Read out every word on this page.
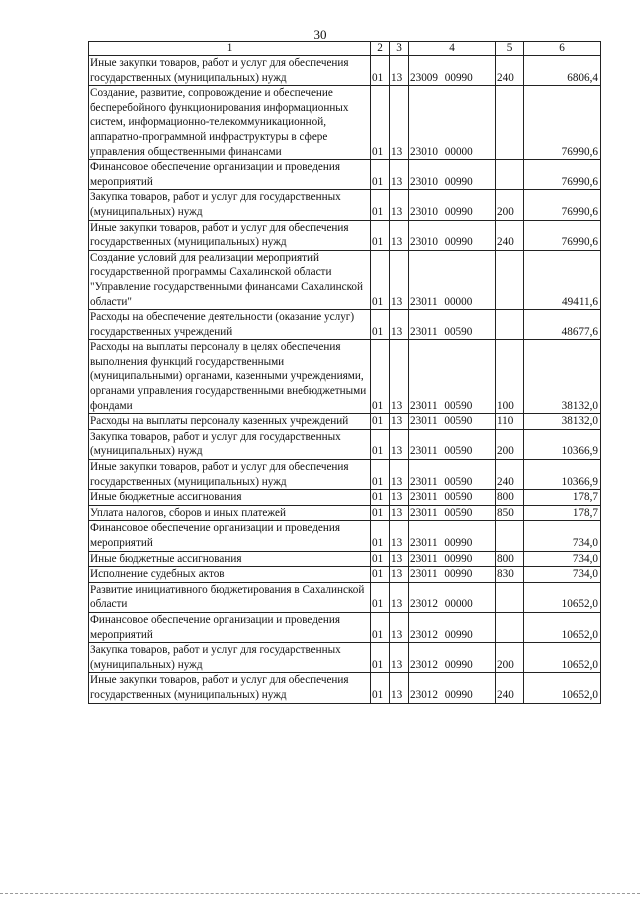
30
1	2	3	4	5	6
Иные закупки товаров, работ и услуг для обеспечения государственных (муниципальных) нужд	01	13	23009 00990	240	6806,4
Создание, развитие, сопровождение и обеспечение бесперебойного функционирования информационных систем, информационно-телекоммуникационной, аппаратно-программной инфраструктуры в сфере управления общественными финансами	01	13	23010 00000		76990,6
Финансовое обеспечение организации и проведения мероприятий	01	13	23010 00990		76990,6
Закупка товаров, работ и услуг для государственных (муниципальных) нужд	01	13	23010 00990	200	76990,6
Иные закупки товаров, работ и услуг для обеспечения государственных (муниципальных) нужд	01	13	23010 00990	240	76990,6
Создание условий для реализации мероприятий государственной программы Сахалинской области "Управление государственными финансами Сахалинской области"	01	13	23011 00000		49411,6
Расходы на обеспечение деятельности (оказание услуг) государственных учреждений	01	13	23011 00590		48677,6
Расходы на выплаты персоналу в целях обеспечения выполнения функций государственными (муниципальными) органами, казенными учреждениями, органами управления государственными внебюджетными фондами	01	13	23011 00590	100	38132,0
Расходы на выплаты персоналу казенных учреждений	01	13	23011 00590	110	38132,0
Закупка товаров, работ и услуг для государственных (муниципальных) нужд	01	13	23011 00590	200	10366,9
Иные закупки товаров, работ и услуг для обеспечения государственных (муниципальных) нужд	01	13	23011 00590	240	10366,9
Иные бюджетные ассигнования	01	13	23011 00590	800	178,7
Уплата налогов, сборов и иных платежей	01	13	23011 00590	850	178,7
Финансовое обеспечение организации и проведения мероприятий	01	13	23011 00990		734,0
Иные бюджетные ассигнования	01	13	23011 00990	800	734,0
Исполнение судебных актов	01	13	23011 00990	830	734,0
Развитие инициативного бюджетирования в Сахалинской области	01	13	23012 00000		10652,0
Финансовое обеспечение организации и проведения мероприятий	01	13	23012 00990		10652,0
Закупка товаров, работ и услуг для государственных (муниципальных) нужд	01	13	23012 00990	200	10652,0
Иные закупки товаров, работ и услуг для обеспечения государственных (муниципальных) нужд	01	13	23012 00990	240	10652,0
